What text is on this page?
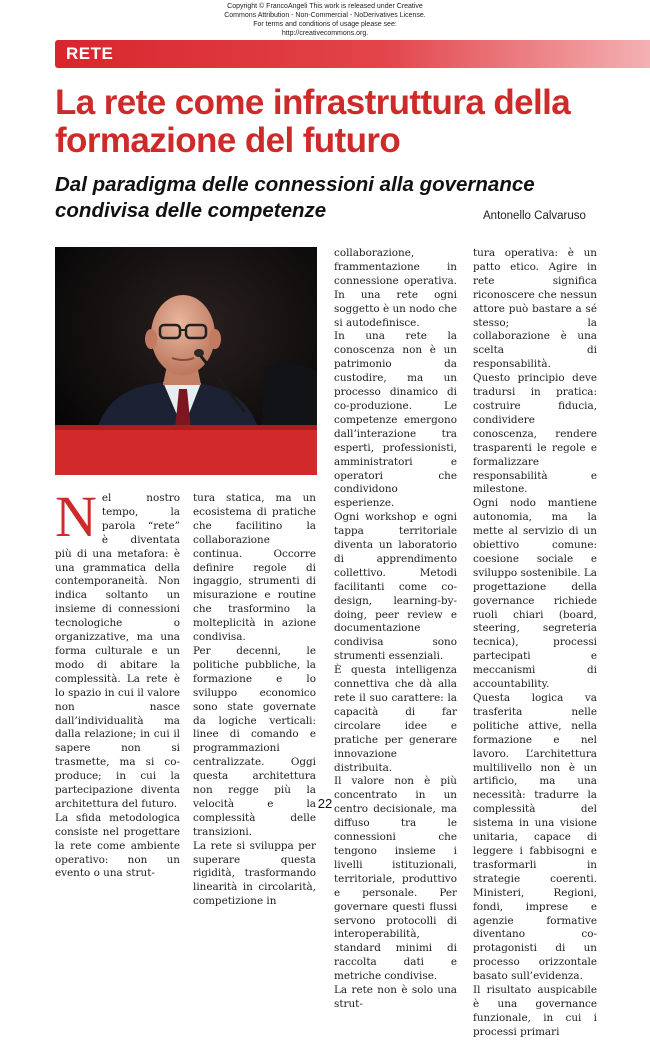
Copyright © FrancoAngeli This work is released under Creative
Commons Attribution - Non-Commercial - NoDerivatives License.
For terms and conditions of usage please see:
http://creativecommons.org.
RETE
La rete come infrastruttura della formazione del futuro
Dal paradigma delle connessioni alla governance condivisa delle competenze	Antonello Calvaruso

Nel nostro tempo, la parola “rete” è diventata più di una metafora: è una grammatica della contemporaneità. Non indica soltanto un insieme di connessioni tecnologiche o organizzative, ma una forma culturale e un modo di abitare la complessità. La rete è lo spazio in cui il valore non nasce dall’individualità ma dalla relazione; in cui il sapere non si trasmette, ma si co-produce; in cui la partecipazione diventa architettura del futuro.

La sfida metodologica consiste nel progettare la rete come ambiente operativo: non un evento o una strut-

tura statica, ma un ecosistema di pratiche che facilitino la collaborazione continua. Occorre definire regole di ingaggio, strumenti di misurazione e routine che trasformino la molteplicità in azione condivisa.

Per decenni, le politiche pubbliche, la formazione e lo sviluppo economico sono state governate da logiche verticali: linee di comando e programmazioni centralizzate. Oggi questa architettura non regge più la velocità e la complessità delle transizioni.

La rete si sviluppa per superare questa rigidità, trasformando linearità in circolarità, competizione in

collaborazione, frammentazione in connessione operativa. In una rete ogni soggetto è un nodo che si autodefinisce.

In una rete la conoscenza non è un patrimonio da custodire, ma un processo dinamico di co-produzione. Le competenze emergono dall’interazione tra esperti, professionisti, amministratori e operatori che condividono esperienze.

Ogni workshop e ogni tappa territoriale diventa un laboratorio di apprendimento collettivo. Metodi facilitanti come co-design, learning-by-doing, peer review e documentazione condivisa sono strumenti essenziali.

È questa intelligenza connettiva che dà alla rete il suo carattere: la capacità di far circolare idee e pratiche per generare innovazione distribuita.

Il valore non è più concentrato in un centro decisionale, ma diffuso tra le connessioni che tengono insieme i livelli istituzionali, territoriale, produttivo e personale. Per governare questi flussi servono protocolli di interoperabilità, standard minimi di raccolta dati e metriche condivise.

La rete non è solo una strut-

tura operativa: è un patto etico. Agire in rete significa riconoscere che nessun attore può bastare a sé stesso; la collaborazione è una scelta di responsabilità.

Questo principio deve tradursi in pratica: costruire fiducia, condividere conoscenza, rendere trasparenti le regole e formalizzare responsabilità e milestone.

Ogni nodo mantiene autonomia, ma la mette al servizio di un obiettivo comune: coesione sociale e sviluppo sostenibile. La progettazione della governance richiede ruoli chiari (board, steering, segreteria tecnica), processi partecipati e meccanismi di accountability.

Questa logica va trasferita nelle politiche attive, nella formazione e nel lavoro. L’architettura multilivello non è un artificio, ma una necessità: tradurre la complessità del sistema in una visione unitaria, capace di leggere i fabbisogni e trasformarli in strategie coerenti. Ministeri, Regioni, fondi, imprese e agenzie formative diventano co-protagonisti di un processo orizzontale basato sull’evidenza.

Il risultato auspicabile è una governance funzionale, in cui i processi primari

22
